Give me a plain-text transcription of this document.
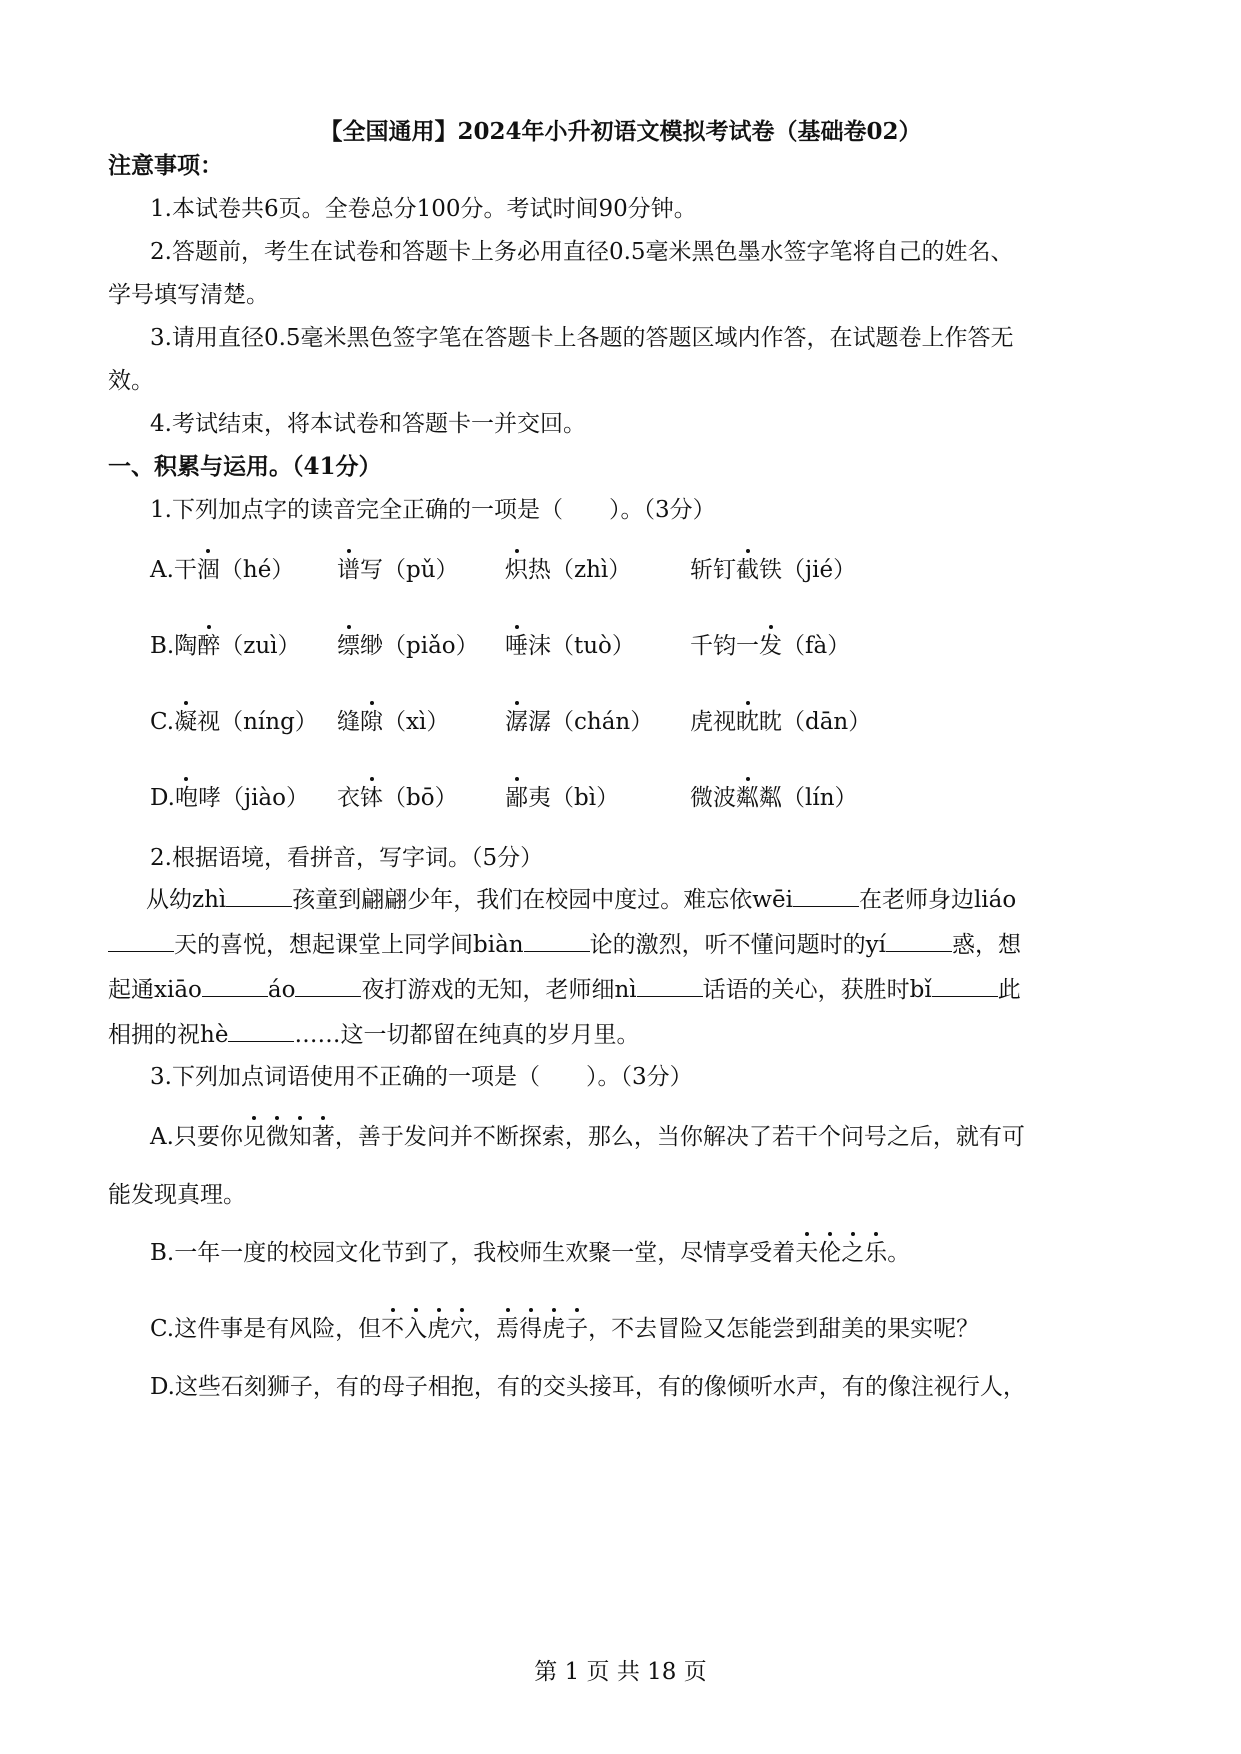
【全国通用】2024年小升初语文模拟考试卷（基础卷02）
注意事项：
1.本试卷共6页。全卷总分100分。考试时间90分钟。
2.答题前，考生在试卷和答题卡上务必用直径0.5毫米黑色墨水签字笔将自己的姓名、
学号填写清楚。
3.请用直径0.5毫米黑色签字笔在答题卡上各题的答题区域内作答，在试题卷上作答无
效。
4.考试结束，将本试卷和答题卡一并交回。
一、积累与运用。（41分）
1.下列加点字的读音完全正确的一项是（　　）。（3分）
A.干涸（hé） 谱写（pǔ） 炽热（zhì）	斩钉截铁（jié）
B.陶醉（zuì） 缥缈（piǎo） 唾沫（tuò） 千钧一发（fà）
C.凝视（níng） 缝隙（xì） 潺潺（chán） 虎视眈眈（dān）
D.咆哮（jiào） 衣钵（bō） 鄙夷（bì）	微波粼粼（lín）
2.根据语境，看拼音，写字词。（5分）
从幼zhì	孩童到翩翩少年，我们在校园中度过。难忘依wēi	在老师身边liáo
天的喜悦，想起课堂上同学间biàn	论的激烈，听不懂问题时的yí	惑，想
起通xiāo	áo	夜打游戏的无知，老师细nì	话语的关心，获胜时bǐ	此
相拥的祝hè	……这一切都留在纯真的岁月里。
3.下列加点词语使用不正确的一项是（　　）。（3分）
A.只要你见微知著，善于发问并不断探索，那么，当你解决了若干个问号之后，就有可
能发现真理。
B.一年一度的校园文化节到了，我校师生欢聚一堂，尽情享受着天伦之乐。
C.这件事是有风险，但不入虎穴，焉得虎子，不去冒险又怎能尝到甜美的果实呢？
D.这些石刻狮子，有的母子相抱，有的交头接耳，有的像倾听水声，有的像注视行人，
第 1 页 共 18 页
